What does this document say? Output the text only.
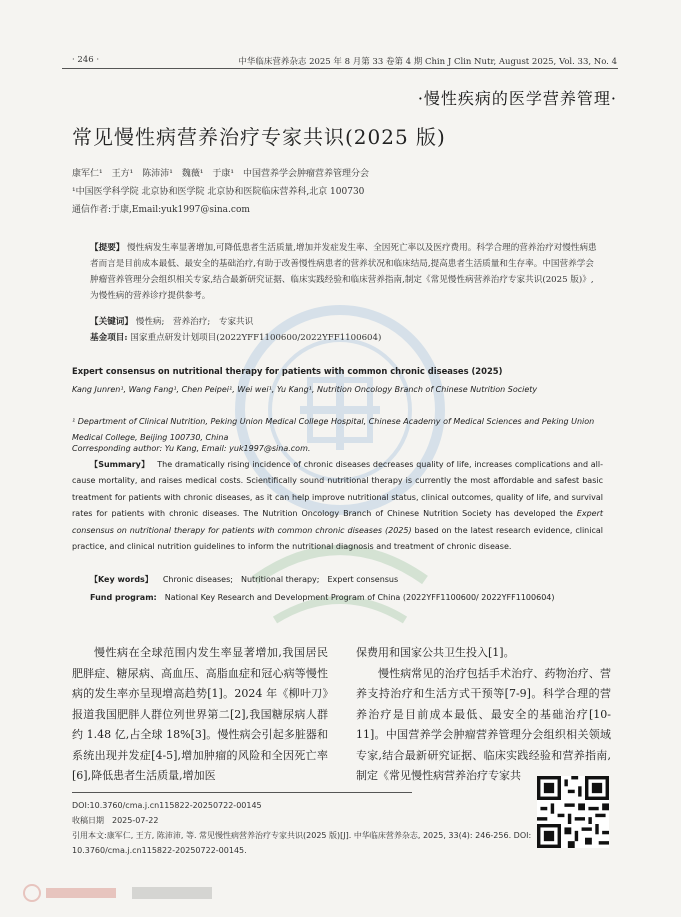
· 246 ·	中华临床营养杂志 2025 年 8 月第 33 卷第 4 期 Chin J Clin Nutr, August 2025, Vol. 33, No. 4
·慢性疾病的医学营养管理·
常见慢性病营养治疗专家共识(2025 版)
康军仁¹　王方¹　陈沛沛¹　魏薇¹　于康¹　中国营养学会肿瘤营养管理分会
¹中国医学科学院 北京协和医学院 北京协和医院临床营养科,北京 100730
通信作者:于康,Email:yuk1997@sina.com
【提要】 慢性病发生率显著增加,可降低患者生活质量,增加并发症发生率、全因死亡率以及医疗费用。科学合理的营养治疗对慢性病患者而言是目前成本最低、最安全的基础治疗,有助于改善慢性病患者的营养状况和临床结局,提高患者生活质量和生存率。中国营养学会肿瘤营养管理分会组织相关专家,结合最新研究证据、临床实践经验和临床营养指南,制定《常见慢性病营养治疗专家共识(2025 版)》,为慢性病的营养诊疗提供参考。
【关键词】 慢性病;　营养治疗;　专家共识
基金项目: 国家重点研发计划项目(2022YFF1100600/2022YFF1100604)
Expert consensus on nutritional therapy for patients with common chronic diseases (2025)
Kang Junren¹, Wang Fang¹, Chen Peipei¹, Wei wei¹, Yu Kang¹, Nutrition Oncology Branch of Chinese Nutrition Society
¹ Department of Clinical Nutrition, Peking Union Medical College Hospital, Chinese Academy of Medical Sciences and Peking Union Medical College, Beijing 100730, China
Corresponding author: Yu Kang, Email: yuk1997@sina.com.
【Summary】 The dramatically rising incidence of chronic diseases decreases quality of life, increases complications and all-cause mortality, and raises medical costs. Scientifically sound nutritional therapy is currently the most affordable and safest basic treatment for patients with chronic diseases, as it can help improve nutritional status, clinical outcomes, quality of life, and survival rates for patients with chronic diseases. The Nutrition Oncology Branch of Chinese Nutrition Society has developed the Expert consensus on nutritional therapy for patients with common chronic diseases (2025) based on the latest research evidence, clinical practice, and clinical nutrition guidelines to inform the nutritional diagnosis and treatment of chronic disease.
【Key words】 Chronic diseases;　Nutritional therapy;　Expert consensus
Fund program: National Key Research and Development Program of China (2022YFF1100600/ 2022YFF1100604)
慢性病在全球范围内发生率显著增加,我国居民肥胖症、糖尿病、高血压、高脂血症和冠心病等慢性病的发生率亦呈现增高趋势[1]。2024 年《柳叶刀》报道我国肥胖人群位列世界第二[2],我国糖尿病人群约 1.48 亿,占全球 18%[3]。慢性病会引起多脏器和系统出现并发症[4-5],增加肿瘤的风险和全因死亡率[6],降低患者生活质量,增加医
保费用和国家公共卫生投入[1]。
慢性病常见的治疗包括手术治疗、药物治疗、营养支持治疗和生活方式干预等[7-9]。科学合理的营养治疗是目前成本最低、最安全的基础治疗[10-11]。中国营养学会肿瘤营养管理分会组织相关领域专家,结合最新研究证据、临床实践经验和营养指南,制定《常见慢性病营养治疗专家共
DOI:10.3760/cma.j.cn115822-20250722-00145
收稿日期　2025-07-22
引用本文:康军仁, 王方, 陈沛沛, 等. 常见慢性病营养治疗专家共识(2025 版)[J]. 中华临床营养杂志, 2025, 33(4): 246-256. DOI: 10.3760/cma.j.cn115822-20250722-00145.
